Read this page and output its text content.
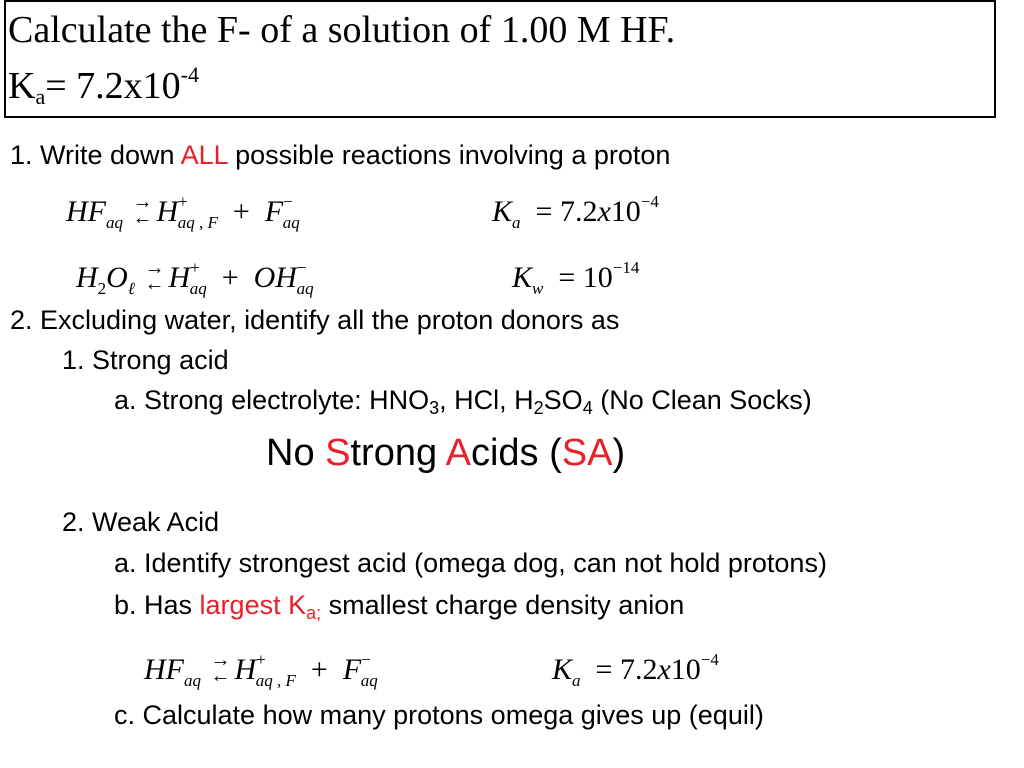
Calculate the F- of a solution of 1.00 M HF.
$Ka= 7.2x10^{-4}$
1. Write down ALL possible reactions involving a proton
$HF_{aq}$
→
← $H^+_{aq , F} + F^-_{aq}$	$K_a = 7.2x10^{-4}$
$H_2O_\ell$
→
← $H^+_{aq} + OH^-_{aq}$	$K_w = 10^{-14}$
2. Excluding water, identify all the proton donors as
1. Strong acid
a. Strong electrolyte: HNO3, HCl, H2SO4 (No Clean Socks)
No Strong Acids (SA)
2. Weak Acid
a. Identify strongest acid (omega dog, can not hold protons)
b. Has largest Ka; smallest charge density anion
$HF_{aq}$
→
← $H^+_{aq , F} + F^-_{aq}$	$K_a = 7.2x10^{-4}$
c. Calculate how many protons omega gives up (equil)
